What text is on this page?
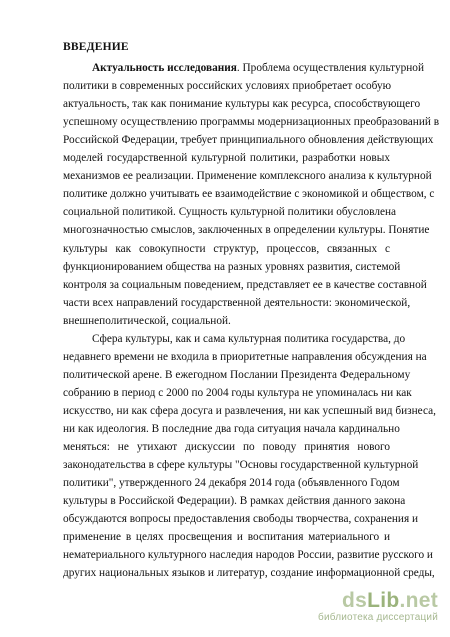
ВВЕДЕНИЕ
Актуальность исследования. Проблема осуществления культурной
политики в современных российских условиях приобретает особую
актуальность, так как понимание культуры как ресурса, способствующего
успешному осуществлению программы модернизационных преобразований в
Российской Федерации, требует принципиального обновления действующих
моделей государственной культурной политики, разработки новых
механизмов ее реализации. Применение комплексного анализа к культурной
политике должно учитывать ее взаимодействие с экономикой и обществом, с
социальной политикой. Сущность культурной политики обусловлена
многозначностью смыслов, заключенных в определении культуры. Понятие
культуры как совокупности структур, процессов, связанных с
функционированием общества на разных уровнях развития, системой
контроля за социальным поведением, представляет ее в качестве составной
части всех направлений государственной деятельности: экономической,
внешнеполитической, социальной.
Сфера культуры, как и сама культурная политика государства, до
недавнего времени не входила в приоритетные направления обсуждения на
политической арене. В ежегодном Послании Президента Федеральному
собранию в период с 2000 по 2004 годы культура не упоминалась ни как
искусство, ни как сфера досуга и развлечения, ни как успешный вид бизнеса,
ни как идеология. В последние два года ситуация начала кардинально
меняться: не утихают дискуссии по поводу принятия нового
законодательства в сфере культуры "Основы государственной культурной
политики", утвержденного 24 декабря 2014 года (объявленного Годом
культуры в Российской Федерации). В рамках действия данного закона
обсуждаются вопросы предоставления свободы творчества, сохранения и
применение в целях просвещения и воспитания материального и
нематериального культурного наследия народов России, развитие русского и
других национальных языков и литератур, создание информационной среды,
dsLib.net
библиотека диссертаций
